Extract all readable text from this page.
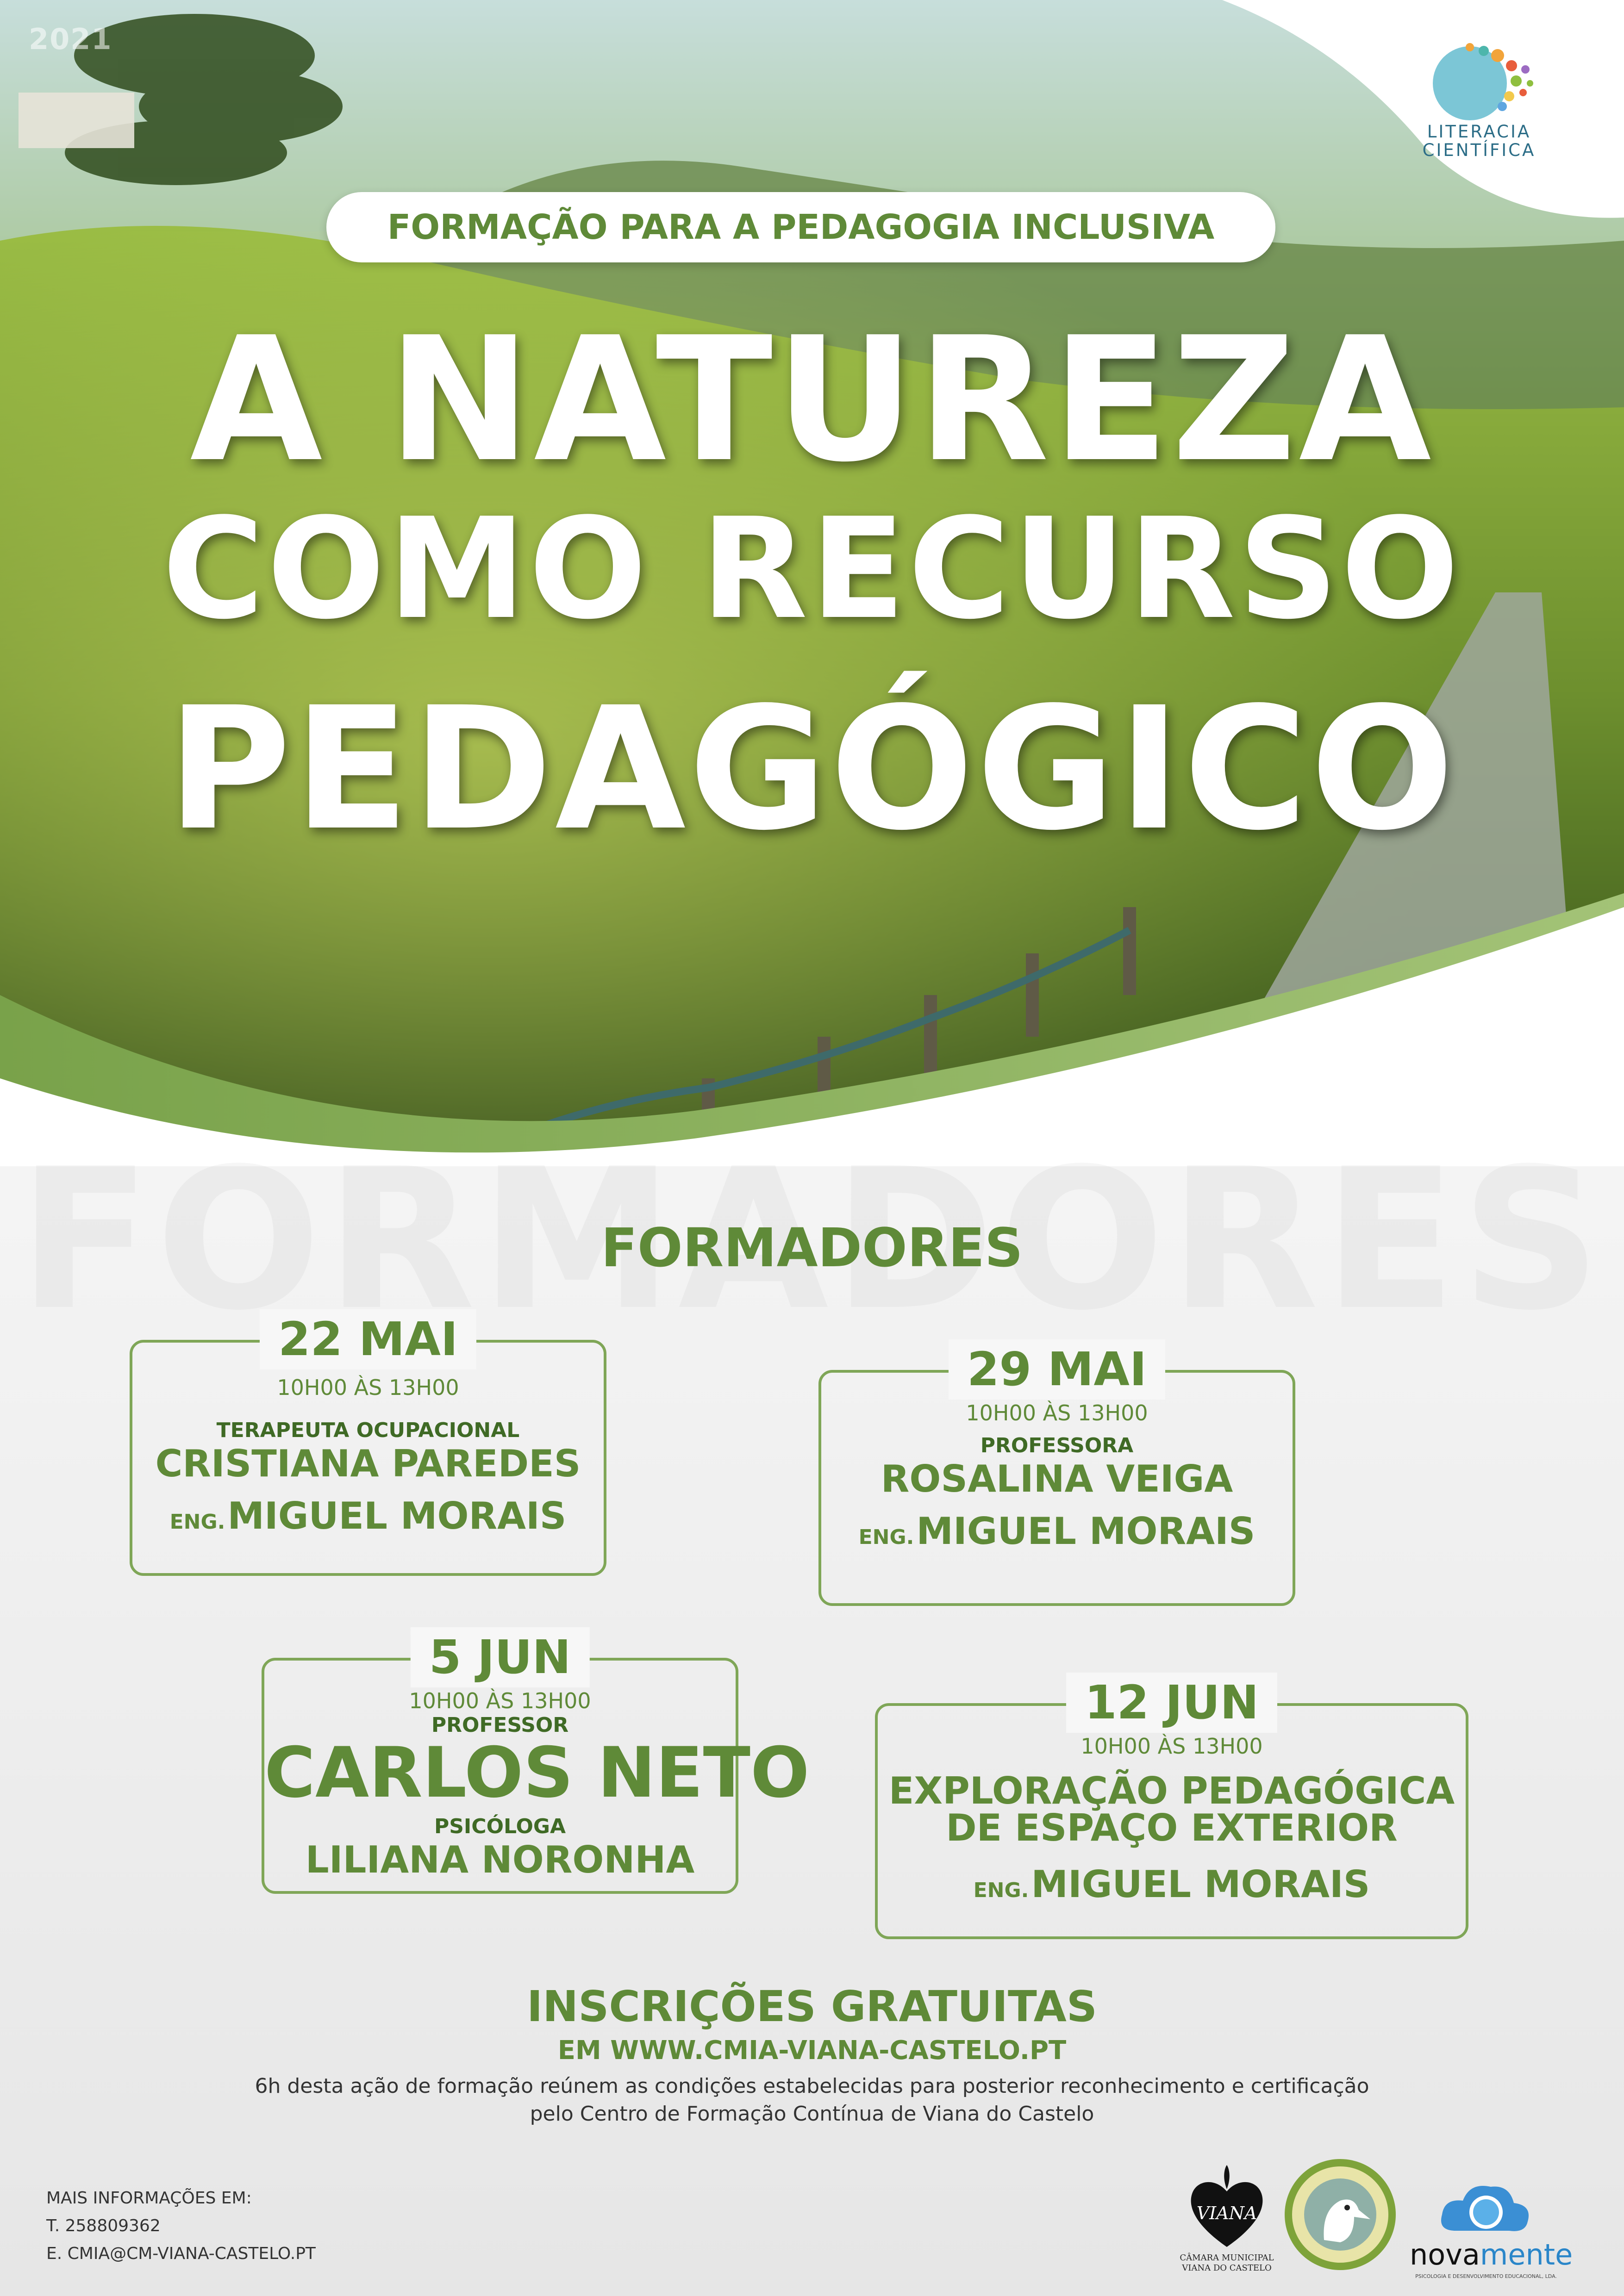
2021
LITERACIA
CIENTÍFICA
FORMAÇÃO PARA A PEDAGOGIA INCLUSIVA
A NATUREZA
COMO RECURSO
PEDAGÓGICO
FORMADORES
22 MAI
10H00 ÀS 13H00
TERAPEUTA OCUPACIONAL
CRISTIANA PAREDES
ENG. MIGUEL MORAIS
29 MAI
10H00 ÀS 13H00
PROFESSORA
ROSALINA VEIGA
ENG. MIGUEL MORAIS
5 JUN
10H00 ÀS 13H00
PROFESSOR
CARLOS NETO
PSICÓLOGA
LILIANA NORONHA
12 JUN
10H00 ÀS 13H00
EXPLORAÇÃO PEDAGÓGICA
DE ESPAÇO EXTERIOR
ENG. MIGUEL MORAIS
INSCRIÇÕES GRATUITAS
EM WWW.CMIA-VIANA-CASTELO.PT
6h desta ação de formação reúnem as condições estabelecidas para posterior reconhecimento e certificação
pelo Centro de Formação Contínua de Viana do Castelo
MAIS INFORMAÇÕES EM:
T. 258809362
E. CMIA@CM-VIANA-CASTELO.PT
VIANA
CÂMARA MUNICIPAL
VIANA DO CASTELO	novamente
PSICOLOGIA E DESENVOLVIMENTO EDUCACIONAL, LDA.
